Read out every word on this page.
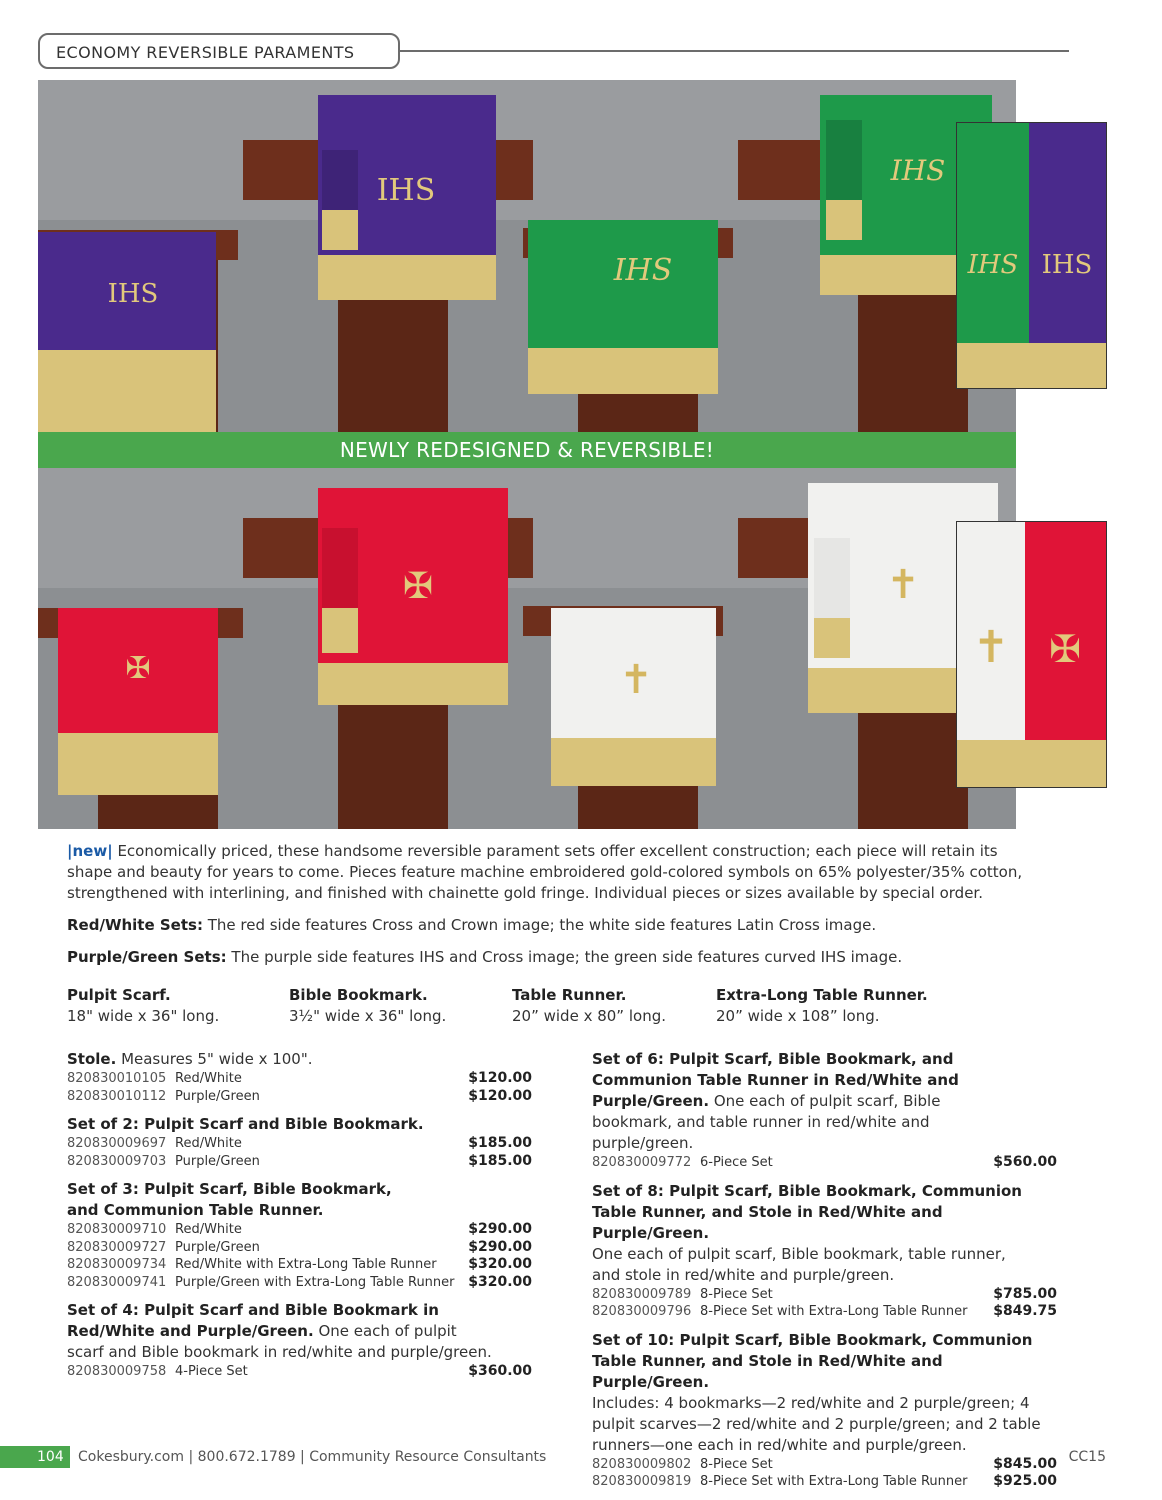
ECONOMY REVERSIBLE PARAMENTS
IHS
IHS
IHS
IHS
IHS IHS
NEWLY REDESIGNED & REVERSIBLE!
✠
✠
✝
✝
✝ ✠
|new| Economically priced, these handsome reversible parament sets offer excellent construction; each piece will retain its shape and beauty for years to come. Pieces feature machine embroidered gold-colored symbols on 65% polyester/35% cotton, strengthened with interlining, and finished with chainette gold fringe. Individual pieces or sizes available by special order.
Red/White Sets: The red side features Cross and Crown image; the white side features Latin Cross image.
Purple/Green Sets: The purple side features IHS and Cross image; the green side features curved IHS image.
Pulpit Scarf.
18" wide x 36" long.
Bible Bookmark.
3½" wide x 36" long.
Table Runner.
20” wide x 80” long.
Extra-Long Table Runner.
20” wide x 108” long.
Stole. Measures 5" wide x 100".
820830010105 Red/White	$120.00
820830010112 Purple/Green	$120.00
Set of 2: Pulpit Scarf and Bible Bookmark.
820830009697 Red/White	$185.00
820830009703 Purple/Green	$185.00
Set of 3: Pulpit Scarf, Bible Bookmark, and Communion Table Runner.
820830009710 Red/White	$290.00
820830009727 Purple/Green	$290.00
820830009734 Red/White with Extra-Long Table Runner	$320.00
820830009741 Purple/Green with Extra-Long Table Runner $320.00
Set of 4: Pulpit Scarf and Bible Bookmark in Red/White and Purple/Green. One each of pulpit scarf and Bible bookmark in red/white and purple/green.
820830009758 4-Piece Set	$360.00
Set of 6: Pulpit Scarf, Bible Bookmark, and Communion Table Runner in Red/White and Purple/Green. One each of pulpit scarf, Bible bookmark, and table runner in red/white and purple/green.
820830009772 6-Piece Set	$560.00
Set of 8: Pulpit Scarf, Bible Bookmark, Communion Table Runner, and Stole in Red/White and Purple/Green.
One each of pulpit scarf, Bible bookmark, table runner, and stole in red/white and purple/green.
820830009789 8-Piece Set	$785.00
820830009796 8-Piece Set with Extra-Long Table Runner	$849.75
Set of 10: Pulpit Scarf, Bible Bookmark, Communion Table Runner, and Stole in Red/White and Purple/Green.
Includes: 4 bookmarks—2 red/white and 2 purple/green; 4 pulpit scarves—2 red/white and 2 purple/green; and 2 table runners—one each in red/white and purple/green.
820830009802 8-Piece Set	$845.00
820830009819 8-Piece Set with Extra-Long Table Runner	$925.00
104	Cokesbury.com | 800.672.1789 | Community Resource Consultants	CC15
